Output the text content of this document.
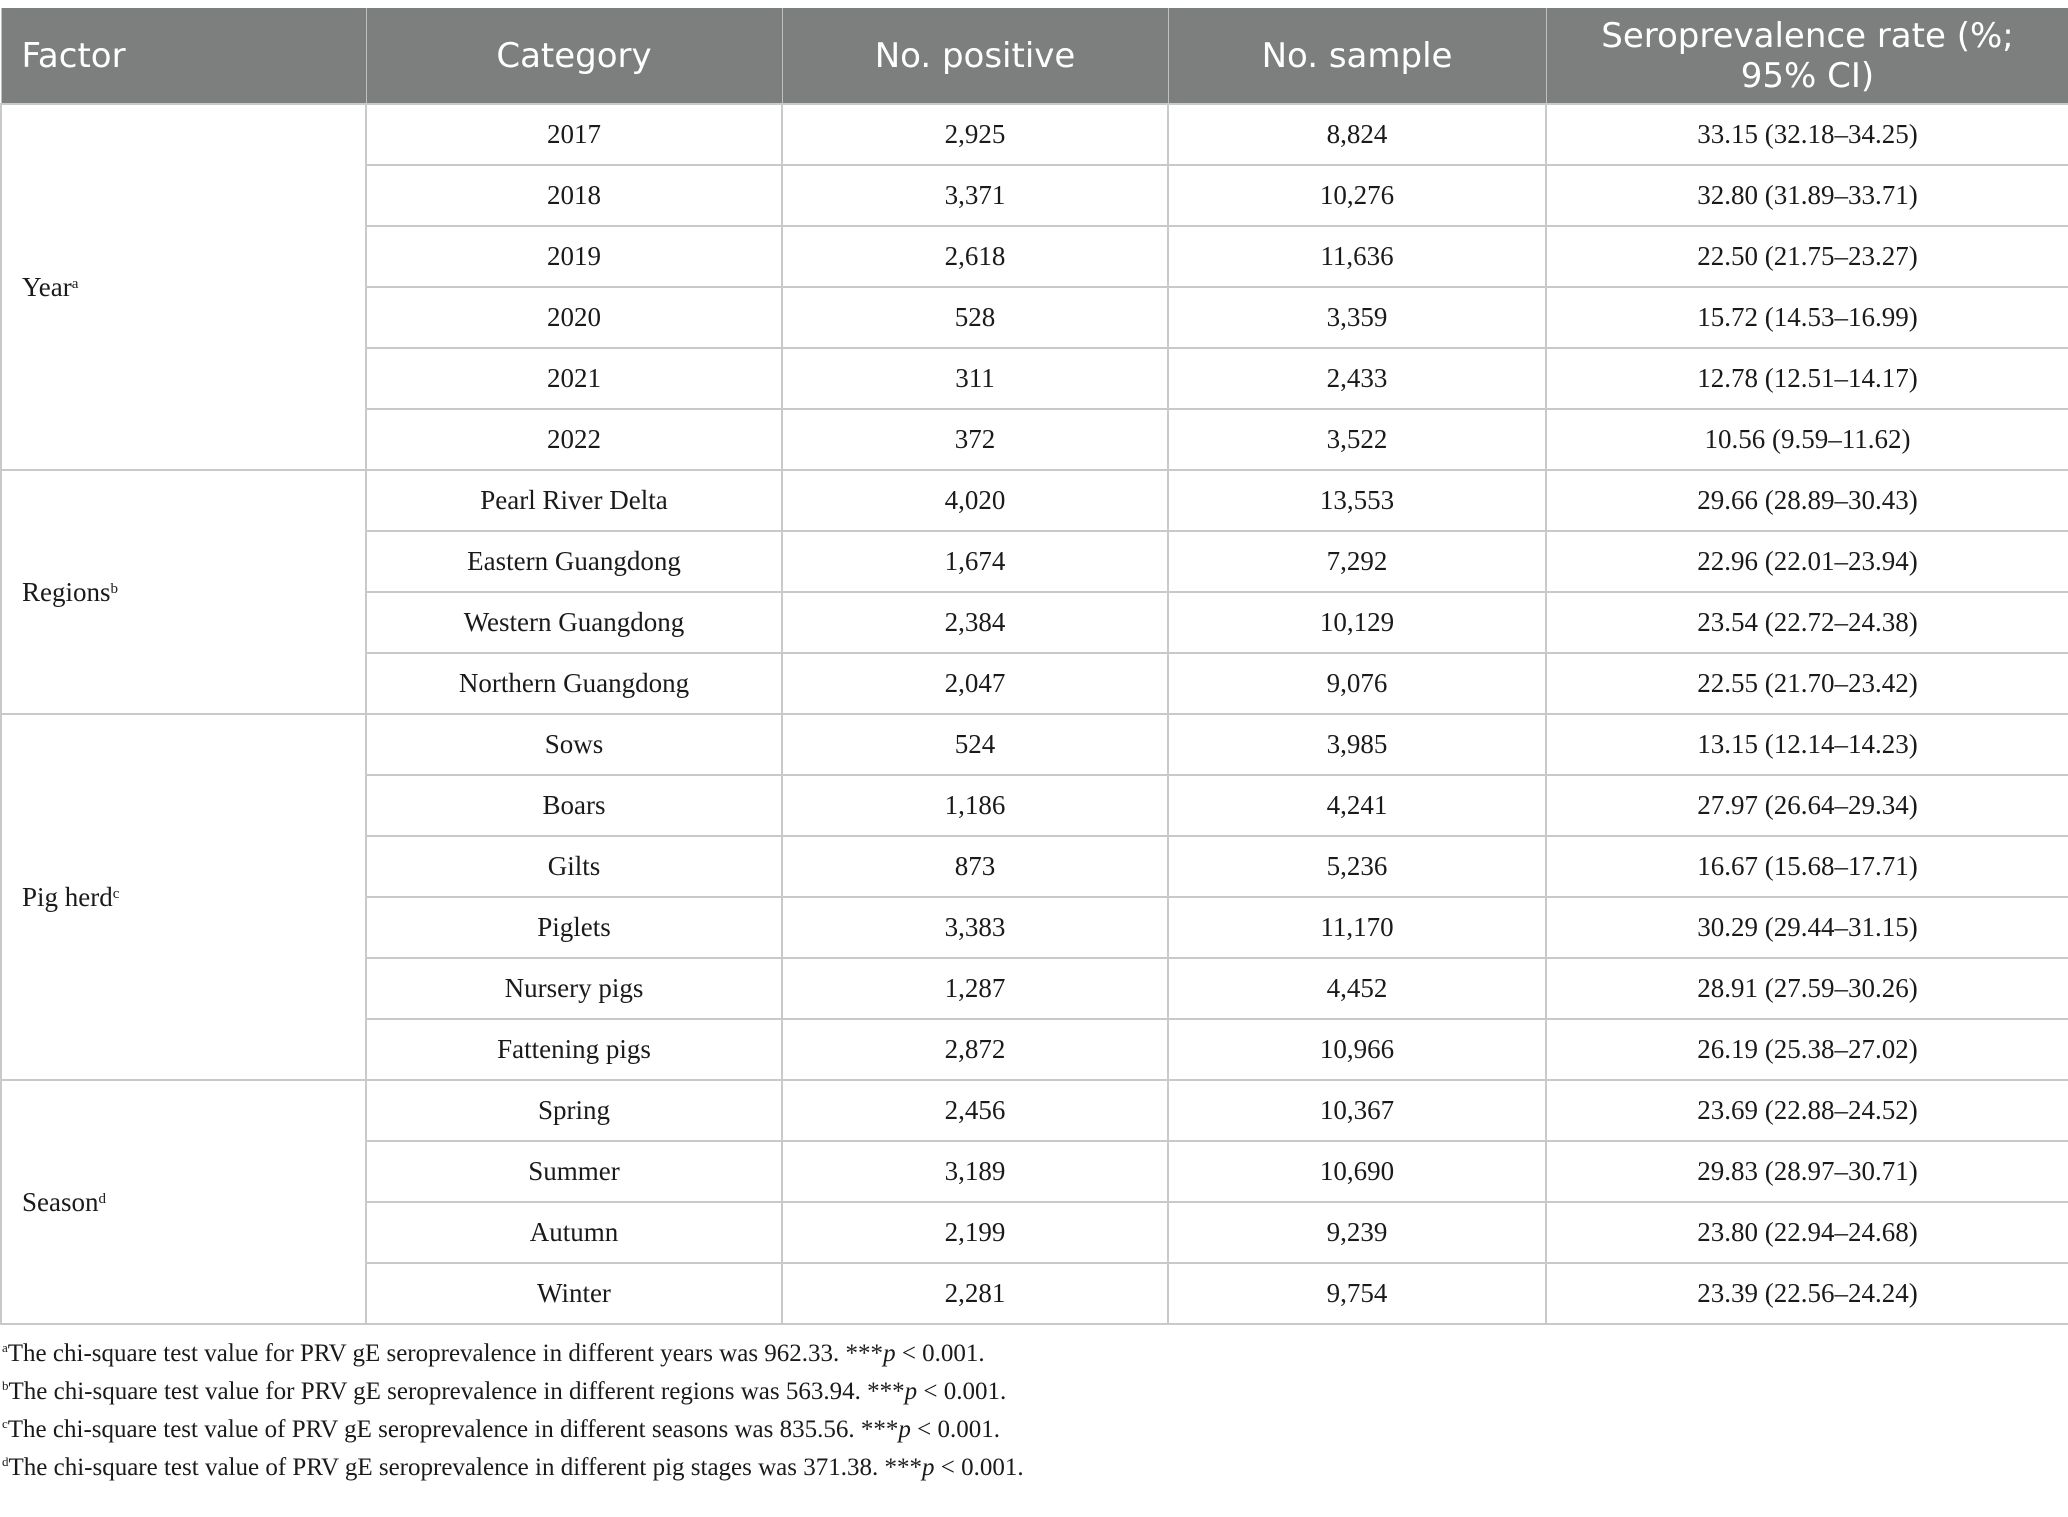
Factor	Category	No. positive	No. sample	Seroprevalence rate (%;
95% CI)
Year$^a$	2017	2,925	8,824	33.15 (32.18–34.25)
	2018	3,371	10,276	32.80 (31.89–33.71)
	2019	2,618	11,636	22.50 (21.75–23.27)
	2020	528	3,359	15.72 (14.53–16.99)
	2021	311	2,433	12.78 (12.51–14.17)
	2022	372	3,522	10.56 (9.59–11.62)
Regions$^b$	Pearl River Delta	4,020	13,553	29.66 (28.89–30.43)
	Eastern Guangdong	1,674	7,292	22.96 (22.01–23.94)
	Western Guangdong	2,384	10,129	23.54 (22.72–24.38)
	Northern Guangdong	2,047	9,076	22.55 (21.70–23.42)
Pig herd$^c$	Sows	524	3,985	13.15 (12.14–14.23)
	Boars	1,186	4,241	27.97 (26.64–29.34)
	Gilts	873	5,236	16.67 (15.68–17.71)
	Piglets	3,383	11,170	30.29 (29.44–31.15)
	Nursery pigs	1,287	4,452	28.91 (27.59–30.26)
	Fattening pigs	2,872	10,966	26.19 (25.38–27.02)
Season$^d$	Spring	2,456	10,367	23.69 (22.88–24.52)
	Summer	3,189	10,690	29.83 (28.97–30.71)
	Autumn	2,199	9,239	23.80 (22.94–24.68)
	Winter	2,281	9,754	23.39 (22.56–24.24)
$^a$The chi-square test value for PRV gE seroprevalence in different years was 962.33. ***p < 0.001.
$^b$The chi-square test value for PRV gE seroprevalence in different regions was 563.94. ***p < 0.001.
$^c$The chi-square test value of PRV gE seroprevalence in different seasons was 835.56. ***p < 0.001.
$^d$The chi-square test value of PRV gE seroprevalence in different pig stages was 371.38. ***p < 0.001.
